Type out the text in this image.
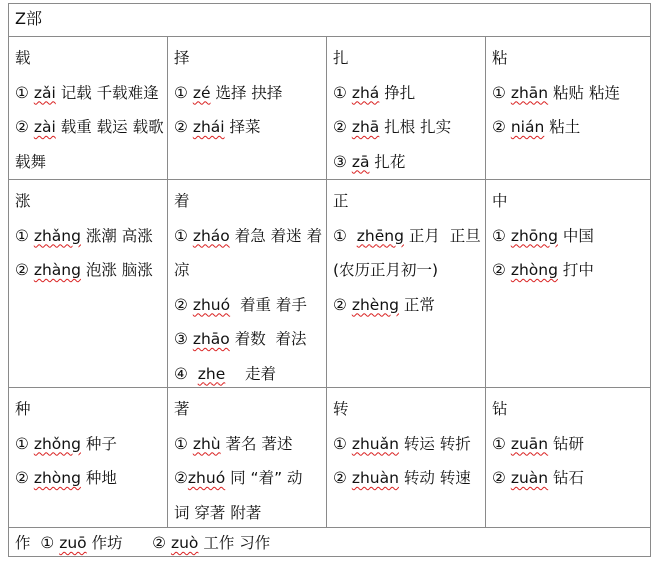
Z部
载
① zǎi 记载 千载难逢
② zài 载重 载运 载歌
载舞
择
① zé 选择 抉择
② zhái 择菜
扎
① zhá 挣扎
② zhā 扎根 扎实
③ zā 扎花
粘
① zhān 粘贴 粘连
② nián 粘土
涨
① zhǎng 涨潮 高涨
② zhàng 泡涨 脑涨
着
① zháo 着急 着迷 着
凉
② zhuó  着重 着手
③ zhāo 着数  着法
④  zhe    走着
正
①  zhēng 正月  正旦
(农历正月初一)
② zhèng 正常
中
① zhōng 中国
② zhòng 打中
种
① zhǒng 种子
② zhòng 种地
著
① zhù 著名 著述
②zhuó 同 “着” 动
词 穿著 附著
转
① zhuǎn 转运 转折
② zhuàn 转动 转速
钻
① zuān 钻研
② zuàn 钻石
作  ① zuō 作坊      ② zuò 工作 习作
